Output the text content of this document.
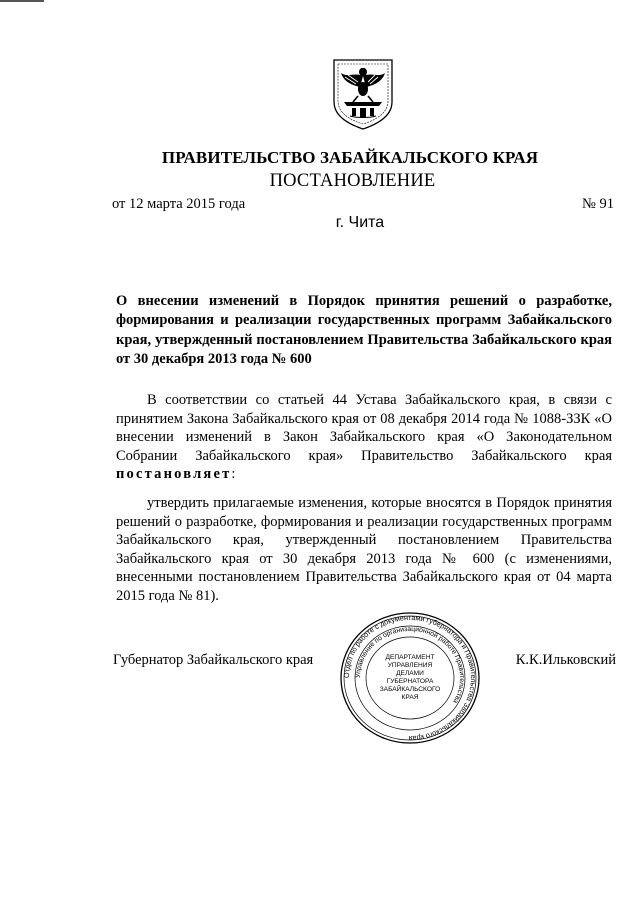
ПРАВИТЕЛЬСТВО ЗАБАЙКАЛЬСКОГО КРАЯ
ПОСТАНОВЛЕНИЕ
от 12 марта 2015 года	№ 91
г. Чита
О внесении изменений в Порядок принятия решений о разработке, формирования и реализации государственных программ Забайкальского края, утвержденный постановлением Правительства Забайкальского края от 30 декабря 2013 года № 600
В соответствии со статьей 44 Устава Забайкальского края, в связи с принятием Закона Забайкальского края от 08 декабря 2014 года № 1088-ЗЗК «О внесении изменений в Закон Забайкальского края «О Законодательном Собрании Забайкальского края» Правительство Забайкальского края постановляет:
утвердить прилагаемые изменения, которые вносятся в Порядок принятия решений о разработке, формирования и реализации государственных программ Забайкальского края, утвержденный постановлением Правительства Забайкальского края от 30 декабря 2013 года № 600 (с изменениями, внесенными постановлением Правительства Забайкальского края от 04 марта 2015 года № 81).
Губернатор Забайкальского края	К.К.Ильковский
Отдел по работе с документами губернатора и Правительства Забайкальского края
Управление по организационной работе Правительства
ДЕПАРТАМЕНТ
УПРАВЛЕНИЯ
ДЕЛАМИ
ГУБЕРНАТОРА
ЗАБАЙКАЛЬСКОГО
КРАЯ
